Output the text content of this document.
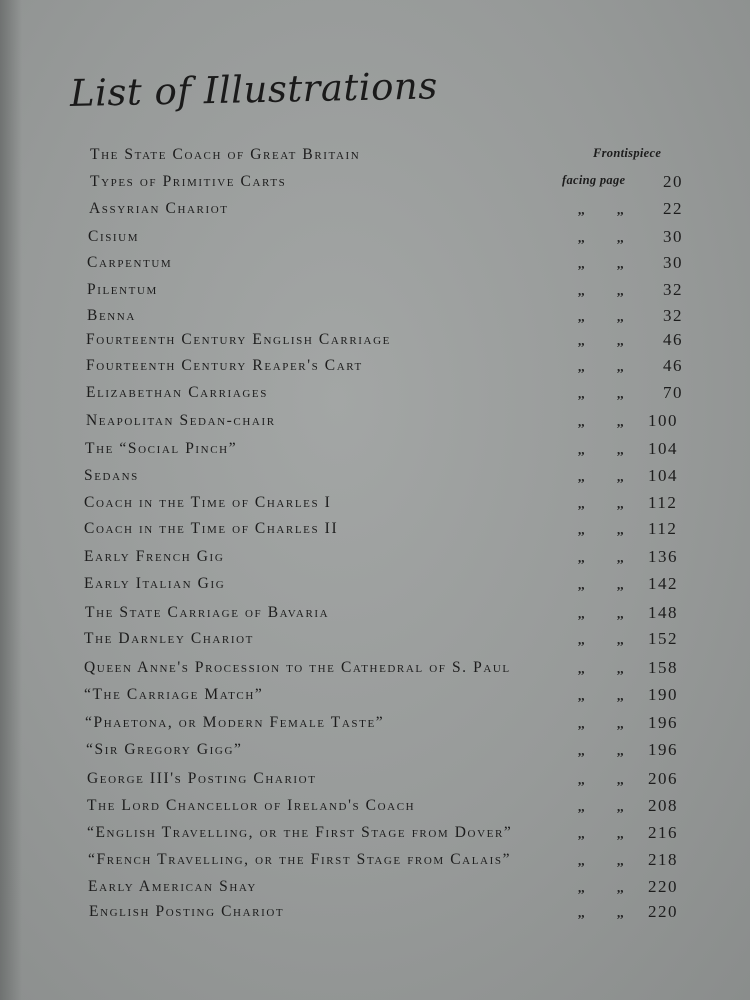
List of Illustrations
The State Coach of Great Britain	Frontispiece
Types of Primitive Carts	facing page 20
Assyrian Chariot	,,	,, 22
Cisium	,,	,, 30
Carpentum	,,	,, 30
Pilentum	,,	,, 32
Benna	,,	,, 32
Fourteenth Century English Carriage	,,	,, 46
Fourteenth Century Reaper's Cart	,,	,, 46
Elizabethan Carriages	,,	,, 70
Neapolitan Sedan-chair	,,	,, 100
The “Social Pinch”	,,	,, 104
Sedans	,,	,, 104
Coach in the Time of Charles I	,,	,, 112
Coach in the Time of Charles II	,,	,, 112
Early French Gig	,,	,, 136
Early Italian Gig	,,	,, 142
The State Carriage of Bavaria	,,	,, 148
The Darnley Chariot	,,	,, 152
Queen Anne's Procession to the Cathedral of S. Paul	,,	,, 158
“The Carriage Match”	,,	,, 190
“Phaetona, or Modern Female Taste”	,,	,, 196
“Sir Gregory Gigg”	,,	,, 196
George III's Posting Chariot	,,	,, 206
The Lord Chancellor of Ireland's Coach	,,	,, 208
“English Travelling, or the First Stage from Dover”	,,	,, 216
“French Travelling, or the First Stage from Calais”	,,	,, 218
Early American Shay	,,	,, 220
English Posting Chariot	,,	,, 220
